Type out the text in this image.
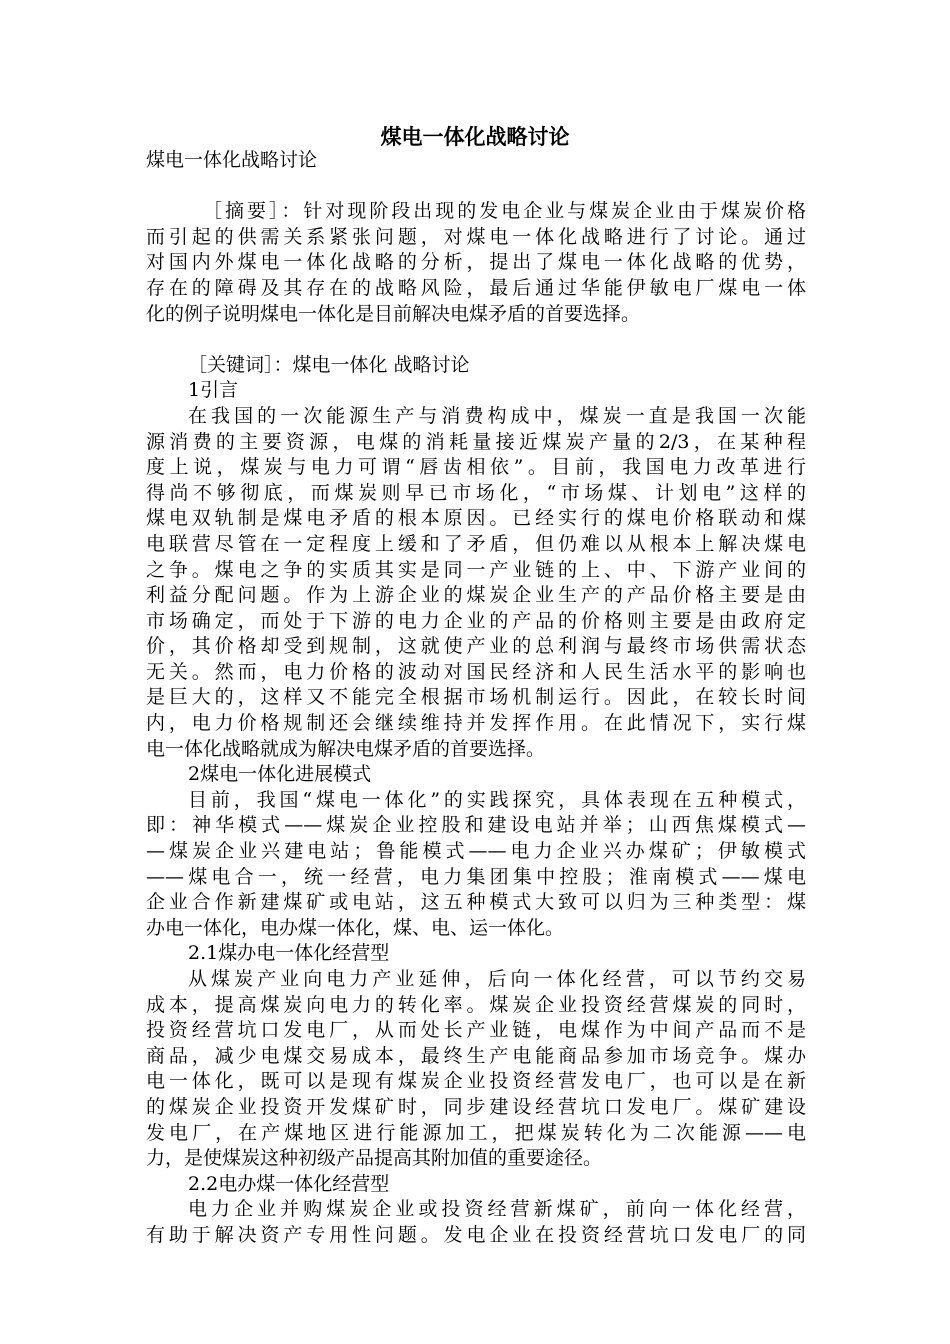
煤电一体化战略讨论
煤电一体化战略讨论
［摘要］：针对现阶段出现的发电企业与煤炭企业由于煤炭价格
而引起的供需关系紧张问题，对煤电一体化战略进行了讨论。通过
对国内外煤电一体化战略的分析，提出了煤电一体化战略的优势，
存在的障碍及其存在的战略风险，最后通过华能伊敏电厂煤电一体
化的例子说明煤电一体化是目前解决电煤矛盾的首要选择。
［关键词］：煤电一体化 战略讨论
1引言
在我国的一次能源生产与消费构成中，煤炭一直是我国一次能
源消费的主要资源，电煤的消耗量接近煤炭产量的2/3，在某种程
度上说，煤炭与电力可谓“唇齿相依”。目前，我国电力改革进行
得尚不够彻底，而煤炭则早已市场化，“市场煤、计划电”这样的
煤电双轨制是煤电矛盾的根本原因。已经实行的煤电价格联动和煤
电联营尽管在一定程度上缓和了矛盾，但仍难以从根本上解决煤电
之争。煤电之争的实质其实是同一产业链的上、中、下游产业间的
利益分配问题。作为上游企业的煤炭企业生产的产品价格主要是由
市场确定，而处于下游的电力企业的产品的价格则主要是由政府定
价，其价格却受到规制，这就使产业的总利润与最终市场供需状态
无关。然而，电力价格的波动对国民经济和人民生活水平的影响也
是巨大的，这样又不能完全根据市场机制运行。因此，在较长时间
内，电力价格规制还会继续维持并发挥作用。在此情况下，实行煤
电一体化战略就成为解决电煤矛盾的首要选择。
2煤电一体化进展模式
目前，我国“煤电一体化”的实践探究，具体表现在五种模式，
即：神华模式——煤炭企业控股和建设电站并举；山西焦煤模式—
—煤炭企业兴建电站；鲁能模式——电力企业兴办煤矿；伊敏模式
——煤电合一，统一经营，电力集团集中控股；淮南模式——煤电
企业合作新建煤矿或电站，这五种模式大致可以归为三种类型：煤
办电一体化，电办煤一体化，煤、电、运一体化。
2.1煤办电一体化经营型
从煤炭产业向电力产业延伸，后向一体化经营，可以节约交易
成本，提高煤炭向电力的转化率。煤炭企业投资经营煤炭的同时，
投资经营坑口发电厂，从而处长产业链，电煤作为中间产品而不是
商品，减少电煤交易成本，最终生产电能商品参加市场竞争。煤办
电一体化，既可以是现有煤炭企业投资经营发电厂，也可以是在新
的煤炭企业投资开发煤矿时，同步建设经营坑口发电厂。煤矿建设
发电厂，在产煤地区进行能源加工，把煤炭转化为二次能源——电
力，是使煤炭这种初级产品提高其附加值的重要途径。
2.2电办煤一体化经营型
电力企业并购煤炭企业或投资经营新煤矿，前向一体化经营，
有助于解决资产专用性问题。发电企业在投资经营坑口发电厂的同
